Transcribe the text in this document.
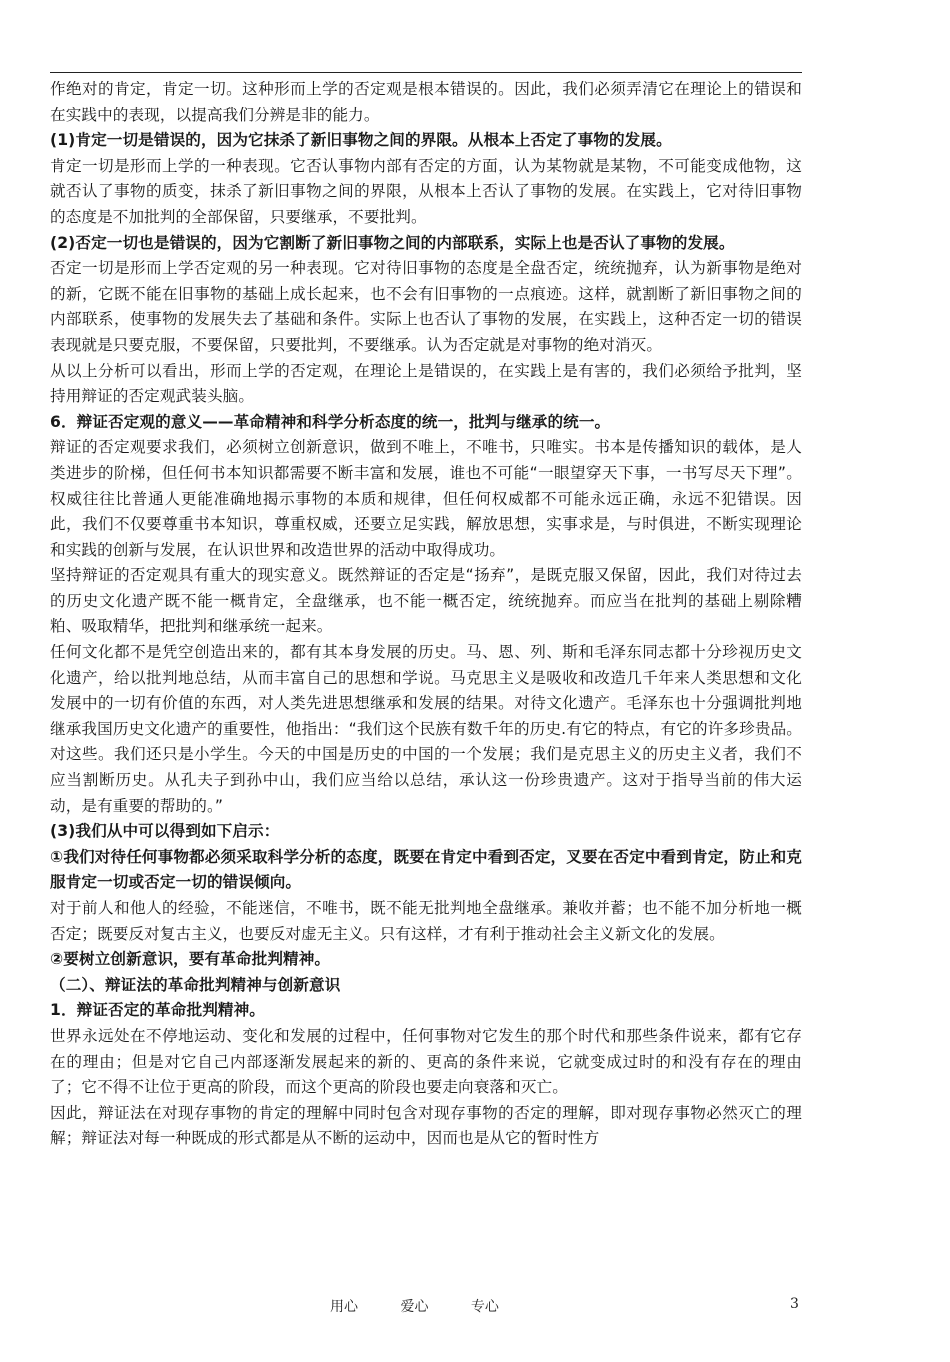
作绝对的肯定，肯定一切。这种形而上学的否定观是根本错误的。因此，我们必须弄清它在理论上的错误和在实践中的表现，以提高我们分辨是非的能力。

(1)肯定一切是错误的，因为它抹杀了新旧事物之间的界限。从根本上否定了事物的发展。

肯定一切是形而上学的一种表现。它否认事物内部有否定的方面，认为某物就是某物，不可能变成他物，这就否认了事物的质变，抹杀了新旧事物之间的界限，从根本上否认了事物的发展。在实践上，它对待旧事物的态度是不加批判的全部保留，只要继承，不要批判。

(2)否定一切也是错误的，因为它割断了新旧事物之间的内部联系，实际上也是否认了事物的发展。

否定一切是形而上学否定观的另一种表现。它对待旧事物的态度是全盘否定，统统抛弃，认为新事物是绝对的新，它既不能在旧事物的基础上成长起来，也不会有旧事物的一点痕迹。这样，就割断了新旧事物之间的内部联系，使事物的发展失去了基础和条件。实际上也否认了事物的发展，在实践上，这种否定一切的错误表现就是只要克服，不要保留，只要批判，不要继承。认为否定就是对事物的绝对消灭。

从以上分析可以看出，形而上学的否定观，在理论上是错误的，在实践上是有害的，我们必须给予批判，坚持用辩证的否定观武装头脑。

6．辩证否定观的意义——革命精神和科学分析态度的统一，批判与继承的统一。

辩证的否定观要求我们，必须树立创新意识，做到不唯上，不唯书，只唯实。书本是传播知识的载体，是人类进步的阶梯，但任何书本知识都需要不断丰富和发展，谁也不可能“一眼望穿天下事，一书写尽天下理”。权威往往比普通人更能准确地揭示事物的本质和规律，但任何权威都不可能永远正确，永远不犯错误。因此，我们不仅要尊重书本知识，尊重权威，还要立足实践，解放思想，实事求是，与时俱进，不断实现理论和实践的创新与发展，在认识世界和改造世界的活动中取得成功。

坚持辩证的否定观具有重大的现实意义。既然辩证的否定是“扬弃”，是既克服又保留，因此，我们对待过去的历史文化遗产既不能一概肯定，全盘继承，也不能一概否定，统统抛弃。而应当在批判的基础上剔除糟粕、吸取精华，把批判和继承统一起来。

任何文化都不是凭空创造出来的，都有其本身发展的历史。马、恩、列、斯和毛泽东同志都十分珍视历史文化遗产，给以批判地总结，从而丰富自己的思想和学说。马克思主义是吸收和改造几千年来人类思想和文化发展中的一切有价值的东西，对人类先进思想继承和发展的结果。对待文化遗产。毛泽东也十分强调批判地继承我国历史文化遗产的重要性，他指出：“我们这个民族有数千年的历史.有它的特点，有它的许多珍贵品。对这些。我们还只是小学生。今天的中国是历史的中国的一个发展；我们是克思主义的历史主义者，我们不应当割断历史。从孔夫子到孙中山，我们应当给以总结，承认这一份珍贵遗产。这对于指导当前的伟大运动，是有重要的帮助的。”

(3)我们从中可以得到如下启示：

①我们对待任何事物都必须采取科学分析的态度，既要在肯定中看到否定，叉要在否定中看到肯定，防止和克服肯定一切或否定一切的错误倾向。

对于前人和他人的经验，不能迷信，不唯书，既不能无批判地全盘继承。兼收并蓄；也不能不加分析地一概否定；既要反对复古主义，也要反对虚无主义。只有这样，才有利于推动社会主义新文化的发展。

②要树立创新意识，要有革命批判精神。

（二）、辩证法的革命批判精神与创新意识

1．辩证否定的革命批判精神。

世界永远处在不停地运动、变化和发展的过程中，任何事物对它发生的那个时代和那些条件说来，都有它存在的理由；但是对它自己内部逐渐发展起来的新的、更高的条件来说，它就变成过时的和没有存在的理由了；它不得不让位于更高的阶段，而这个更高的阶段也要走向衰落和灭亡。

因此，辩证法在对现存事物的肯定的理解中同时包含对现存事物的否定的理解，即对现存事物必然灭亡的理解；辩证法对每一种既成的形式都是从不断的运动中，因而也是从它的暂时性方

用心	爱心	专心	3
